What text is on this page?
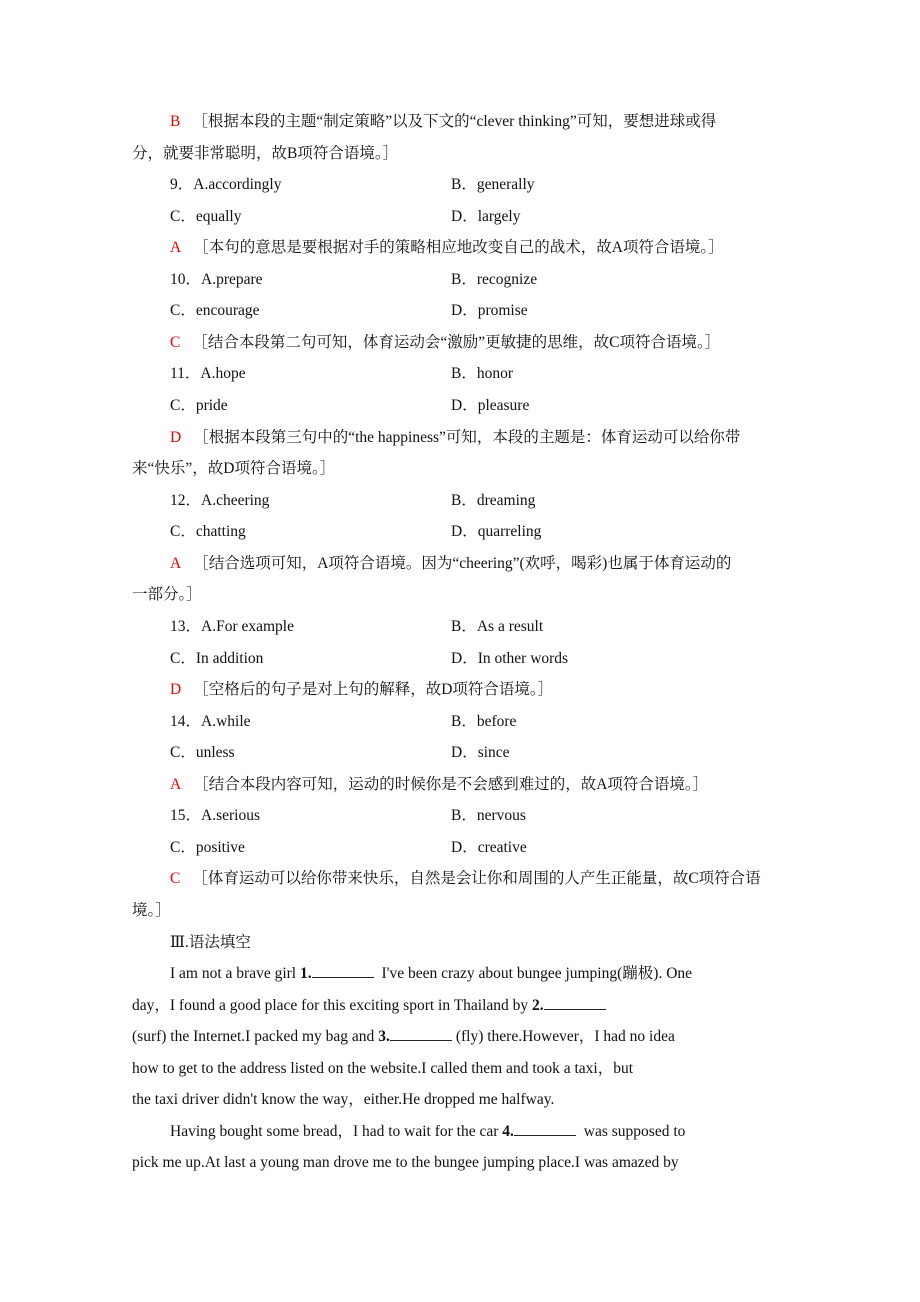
B ［根据本段的主题“制定策略”以及下文的“clever thinking”可知，要想进球或得
分，就要非常聪明，故B项符合语境。］
9．A.accordingly	B．generally
C．equally	D．largely
A ［本句的意思是要根据对手的策略相应地改变自己的战术，故A项符合语境。］
10．A.prepare	B．recognize
C．encourage	D．promise
C ［结合本段第二句可知，体育运动会“激励”更敏捷的思维，故C项符合语境。］
11．A.hope	B．honor
C．pride	D．pleasure
D ［根据本段第三句中的“the happiness”可知，本段的主题是：体育运动可以给你带
来“快乐”，故D项符合语境。］
12．A.cheering	B．dreaming
C．chatting	D．quarreling
A ［结合选项可知，A项符合语境。因为“cheering”(欢呼，喝彩)也属于体育运动的
一部分。］
13．A.For example	B．As a result
C．In addition	D．In other words
D ［空格后的句子是对上句的解释，故D项符合语境。］
14．A.while	B．before
C．unless	D．since
A ［结合本段内容可知，运动的时候你是不会感到难过的，故A项符合语境。］
15．A.serious	B．nervous
C．positive	D．creative
C ［体育运动可以给你带来快乐，自然是会让你和周围的人产生正能量，故C项符合语
境。］
Ⅲ.语法填空
I am not a brave girl 1.	I've been crazy about bungee jumping(蹦极). One
day，I found a good place for this exciting sport in Thailand by 2.
(surf) the Internet.I packed my bag and 3.	(fly) there.However，I had no idea
how to get to the address listed on the website.I called them and took a taxi，but
the taxi driver didn't know the way，either.He dropped me halfway.
Having bought some bread，I had to wait for the car 4.	was supposed to
pick me up.At last a young man drove me to the bungee jumping place.I was amazed by
